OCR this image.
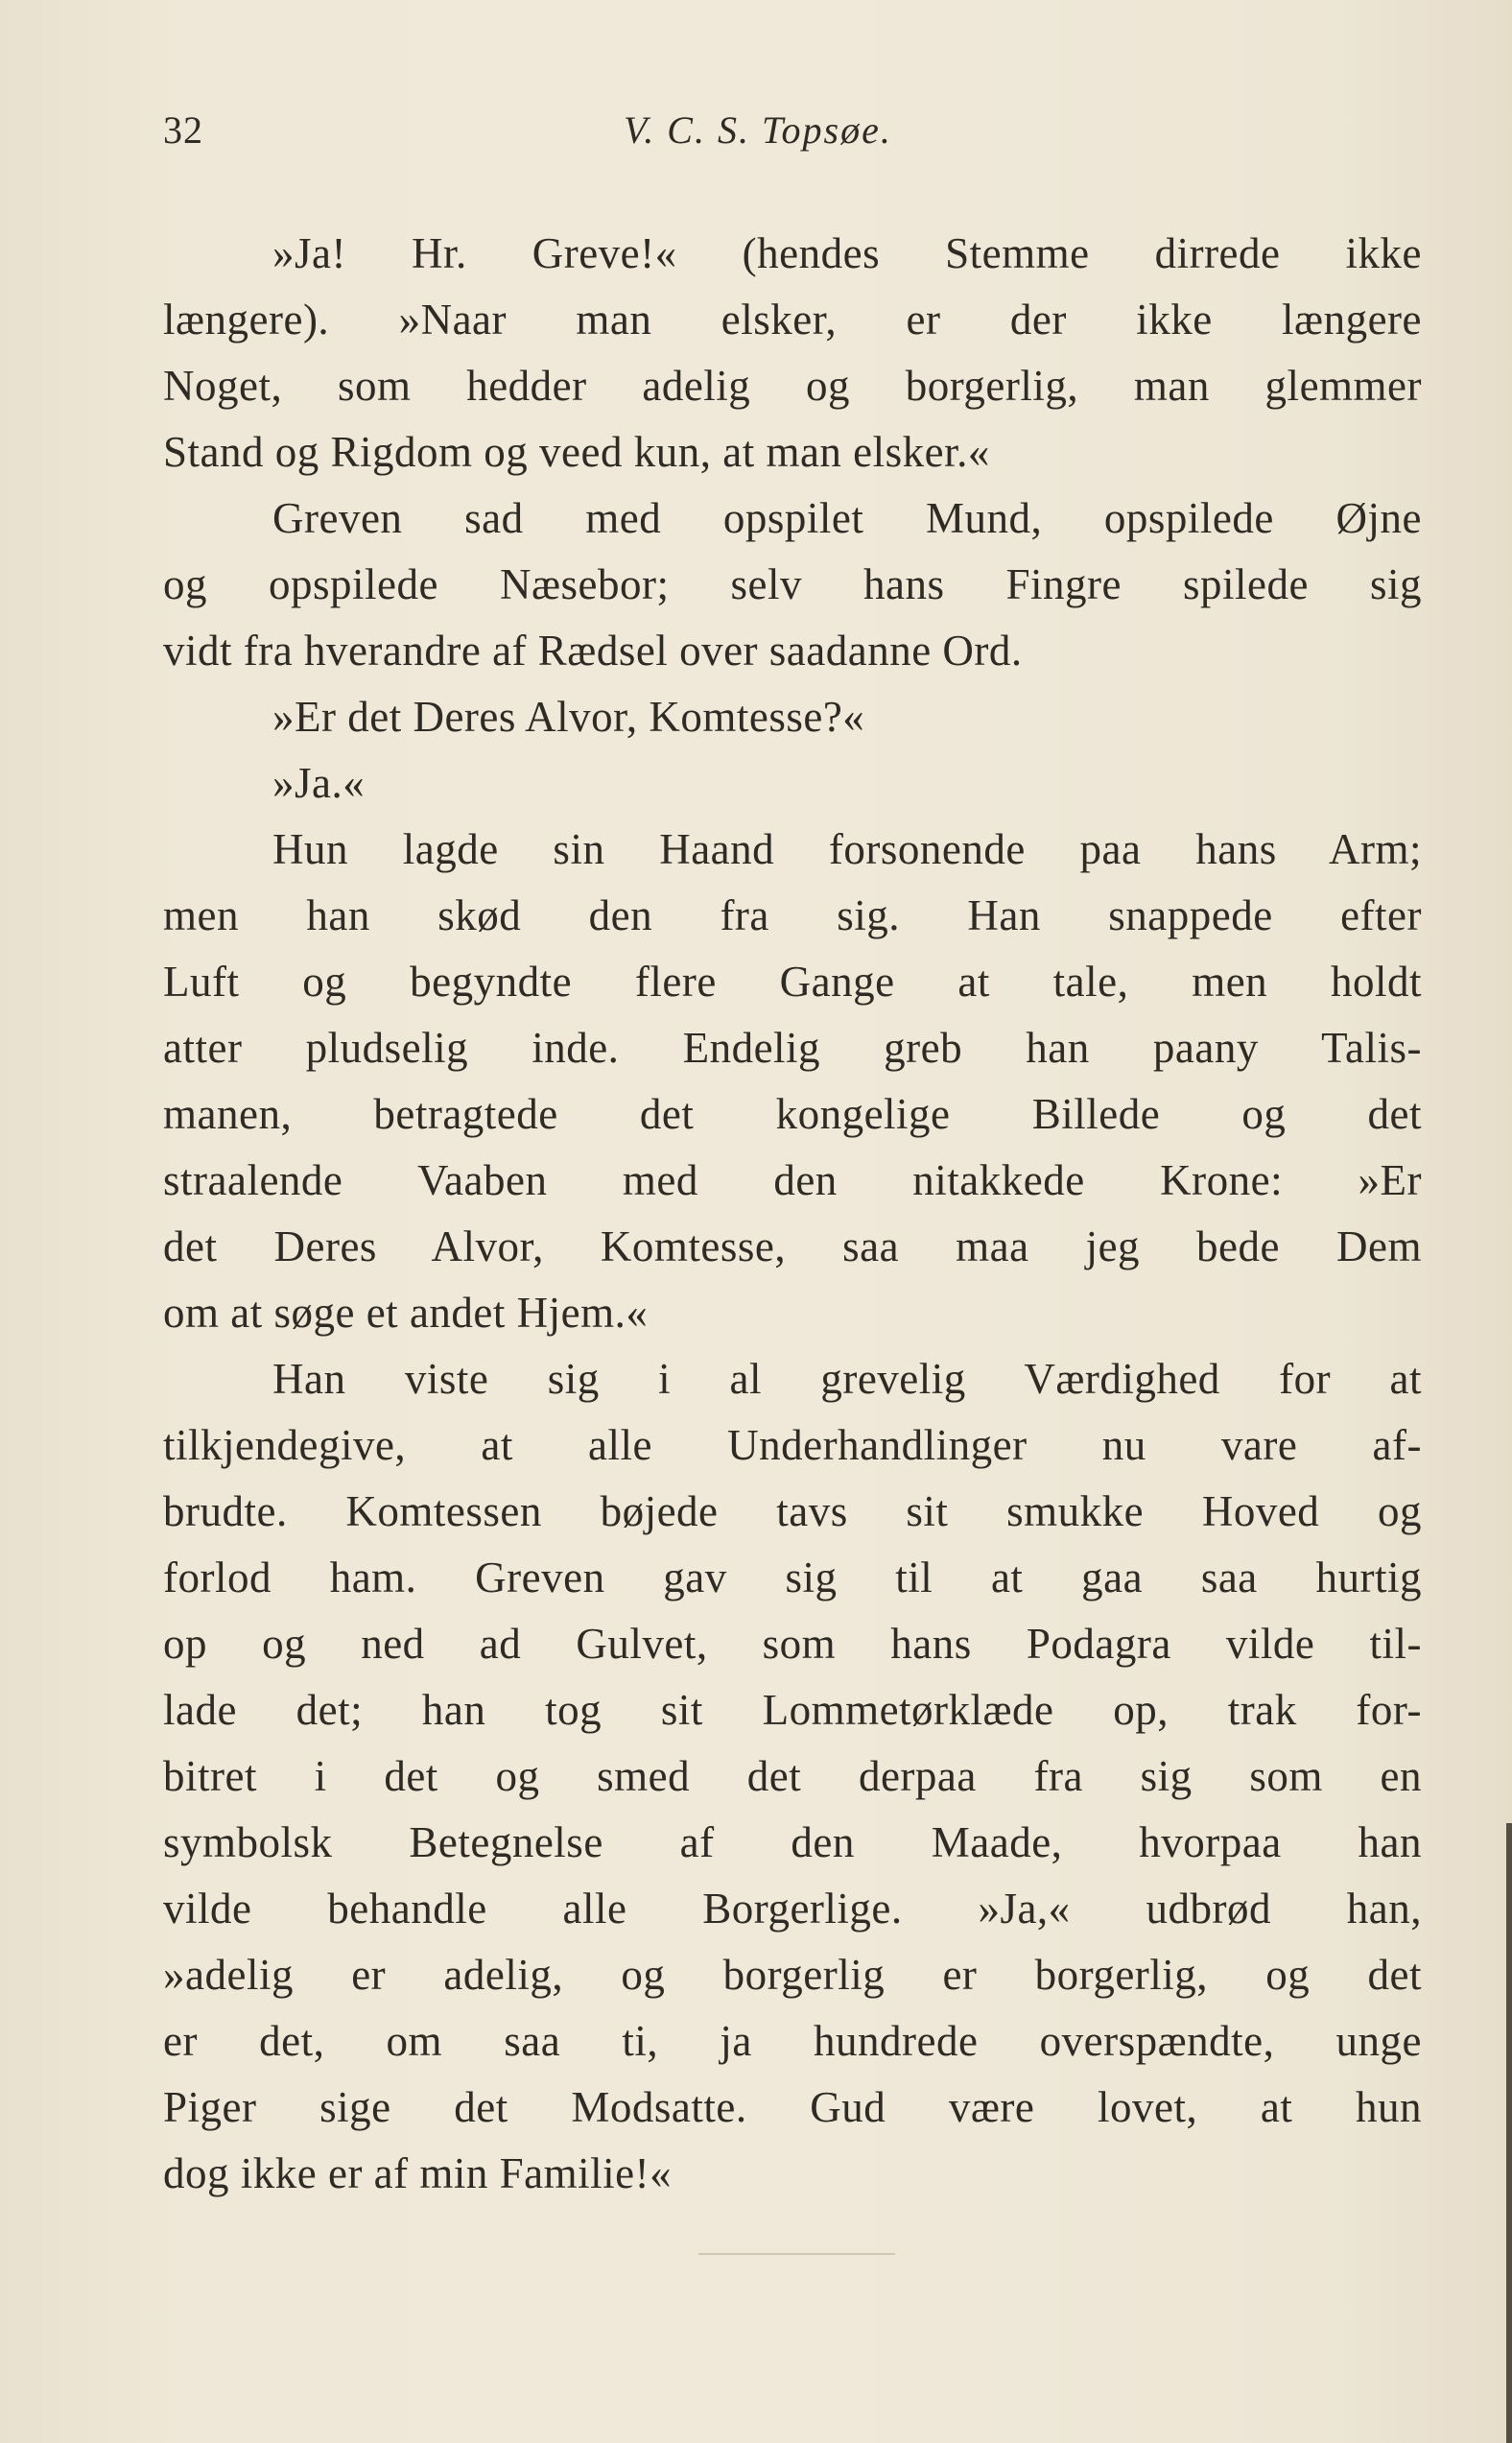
32	V. C. S. Topsøe.
»Ja! Hr. Greve!« (hendes Stemme dirrede ikke
længere). »Naar man elsker, er der ikke længere
Noget, som hedder adelig og borgerlig, man glemmer
Stand og Rigdom og veed kun, at man elsker.«
Greven sad med opspilet Mund, opspilede Øjne
og opspilede Næsebor; selv hans Fingre spilede sig
vidt fra hverandre af Rædsel over saadanne Ord.
»Er det Deres Alvor, Komtesse?«
»Ja.«
Hun lagde sin Haand forsonende paa hans Arm;
men han skød den fra sig. Han snappede efter
Luft og begyndte flere Gange at tale, men holdt
atter pludselig inde. Endelig greb han paany Talis-
manen, betragtede det kongelige Billede og det
straalende Vaaben med den nitakkede Krone: »Er
det Deres Alvor, Komtesse, saa maa jeg bede Dem
om at søge et andet Hjem.«
Han viste sig i al grevelig Værdighed for at
tilkjendegive, at alle Underhandlinger nu vare af-
brudte. Komtessen bøjede tavs sit smukke Hoved og
forlod ham. Greven gav sig til at gaa saa hurtig
op og ned ad Gulvet, som hans Podagra vilde til-
lade det; han tog sit Lommetørklæde op, trak for-
bitret i det og smed det derpaa fra sig som en
symbolsk Betegnelse af den Maade, hvorpaa han
vilde behandle alle Borgerlige. »Ja,« udbrød han,
»adelig er adelig, og borgerlig er borgerlig, og det
er det, om saa ti, ja hundrede overspændte, unge
Piger sige det Modsatte. Gud være lovet, at hun
dog ikke er af min Familie!«
